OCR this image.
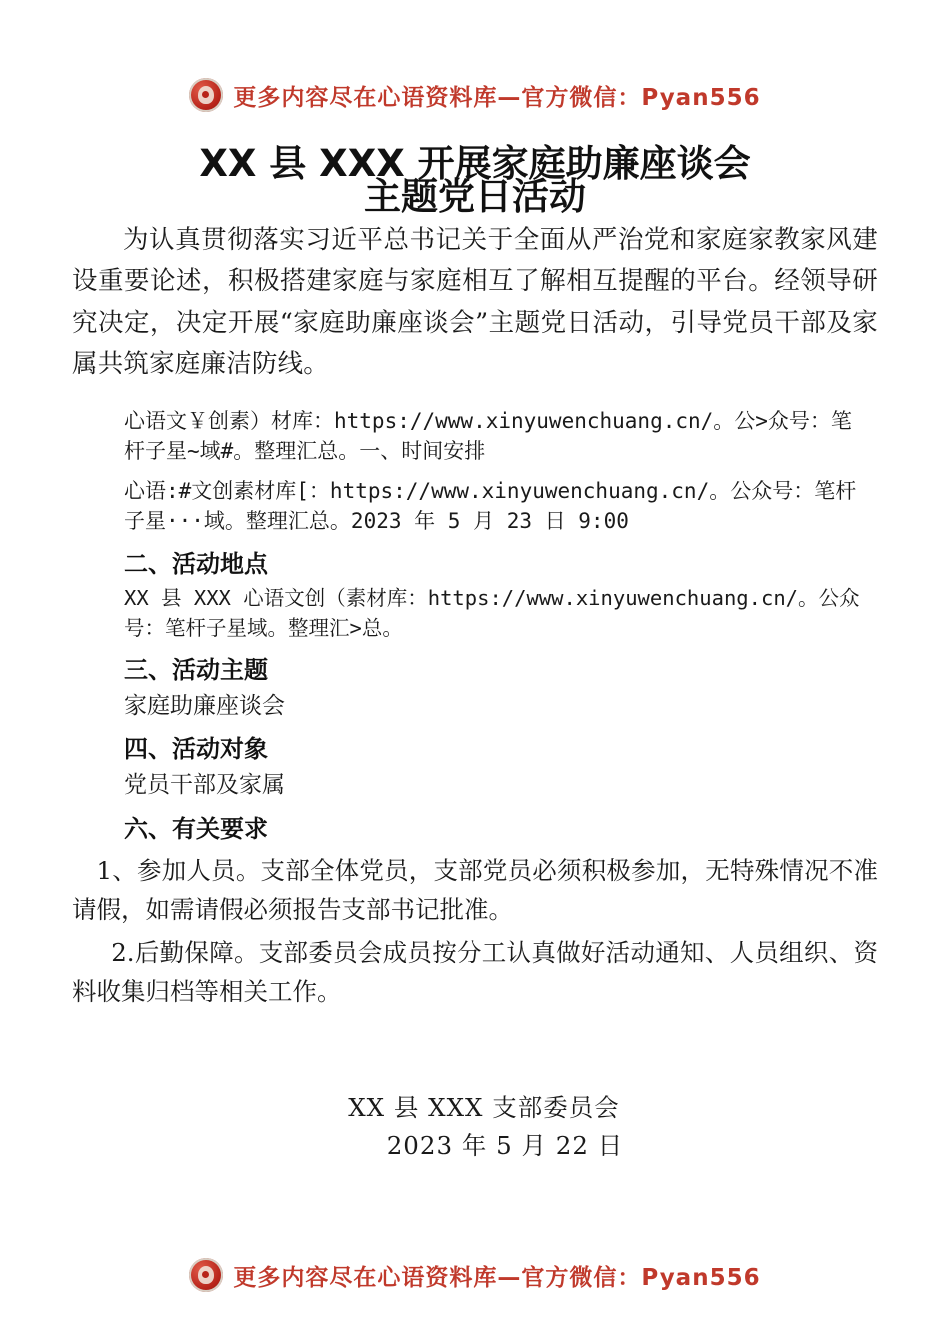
更多内容尽在心语资料库—官方微信：Pyan556
XX 县 XXX 开展家庭助廉座谈会
主题党日活动

为认真贯彻落实习近平总书记关于全面从严治党和家庭家教家风建设重要论述，积极搭建家庭与家庭相互了解相互提醒的平台。经领导研究决定，决定开展“家庭助廉座谈会”主题党日活动，引导党员干部及家属共筑家庭廉洁防线。

心语文￥创素）材库：https://www.xinyuwenchuang.cn/。公>众号：笔杆子星~域#。整理汇总。一、时间安排

心语:#文创素材库[：https://www.xinyuwenchuang.cn/。公众号：笔杆子星···域。整理汇总。2023 年 5 月 23 日 9:00

二、活动地点
XX 县 XXX 心语文创（素材库：https://www.xinyuwenchuang.cn/。公众号：笔杆子星域。整理汇>总。
三、活动主题
家庭助廉座谈会
四、活动对象
党员干部及家属
六、有关要求

1、参加人员。支部全体党员，支部党员必须积极参加，无特殊情况不准请假，如需请假必须报告支部书记批准。

2.后勤保障。支部委员会成员按分工认真做好活动通知、人员组织、资料收集归档等相关工作。

XX 县 XXX 支部委员会
2023 年 5 月 22 日
更多内容尽在心语资料库—官方微信：Pyan556
